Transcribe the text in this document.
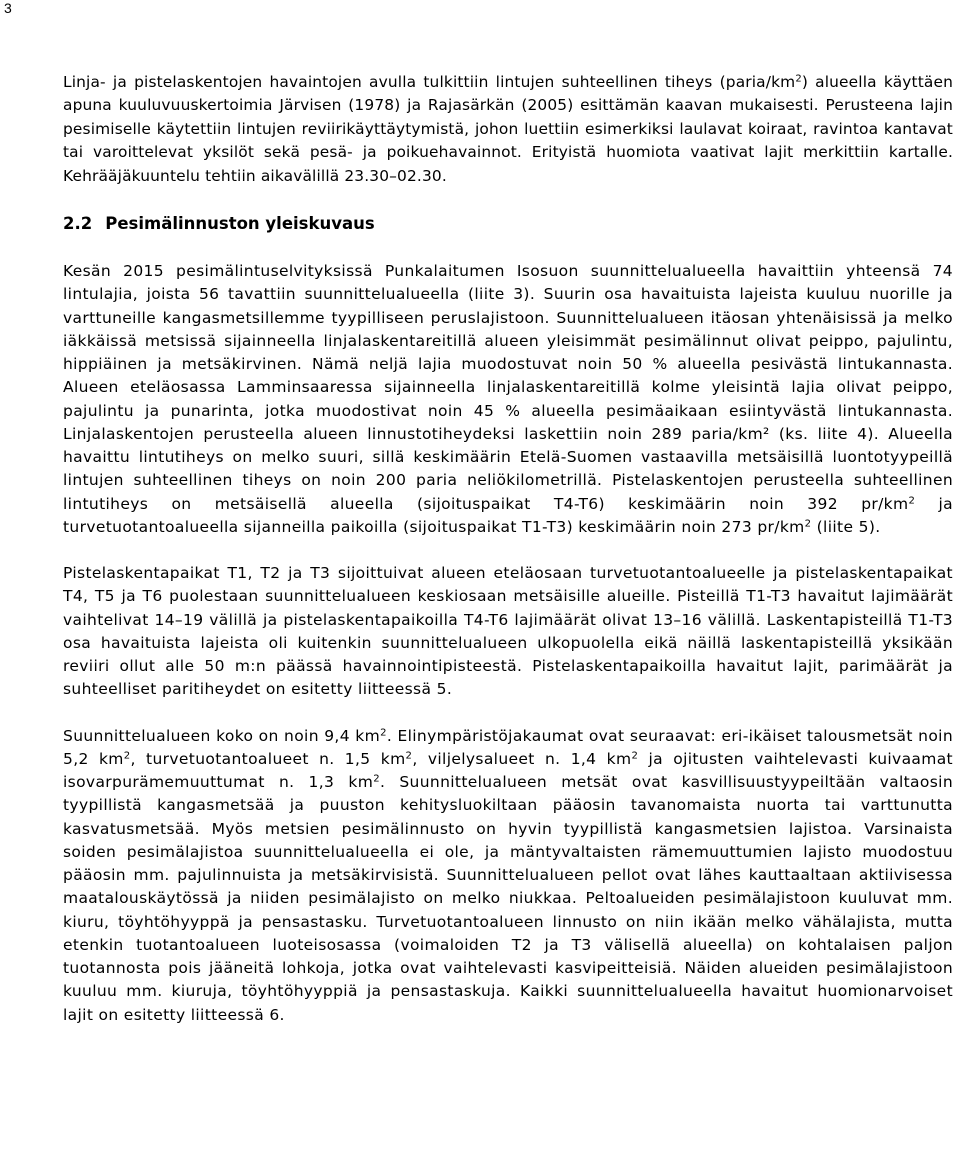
3

Linja- ja pistelaskentojen havaintojen avulla tulkittiin lintujen suhteellinen tiheys $(paria/km^2)$ alueella käyttäen apuna kuuluvuuskertoimia Järvisen (1978) ja Rajasärkän (2005) esittämän kaavan mukaisesti. Perusteena lajin pesimiselle käytettiin lintujen reviirikäyttäytymistä, johon luettiin esimerkiksi laulavat koiraat, ravintoa kantavat tai varoittelevat yksilöt sekä pesä- ja poikuehavainnot. Erityistä huomiota vaativat lajit merkittiin kartalle. Kehrääjäkuuntelu tehtiin aikavälillä 23.30–02.30.

2.2 Pesimälinnuston yleiskuvaus

Kesän 2015 pesimälintuselvityksissä Punkalaitumen Isosuon suunnittelualueella havaittiin yhteensä 74 lintulajia, joista 56 tavattiin suunnittelualueella (liite 3). Suurin osa havaituista lajeista kuuluu nuorille ja varttuneille kangasmetsillemme tyypilliseen peruslajistoon. Suunnittelualueen itäosan yhtenäisissä ja melko iäkkäissä metsissä sijainneella linjalaskentareitillä alueen yleisimmät pesimälinnut olivat peippo, pajulintu, hippiäinen ja metsäkirvinen. Nämä neljä lajia muodostuvat noin 50 % alueella pesivästä lintukannasta. Alueen eteläosassa Lamminsaaressa sijainneella linjalaskentareitillä kolme yleisintä lajia olivat peippo, pajulintu ja punarinta, jotka muodostivat noin 45 % alueella pesimäaikaan esiintyvästä lintukannasta. Linjalaskentojen perusteella alueen linnustotiheydeksi laskettiin noin 289 paria/km² (ks. liite 4). Alueella havaittu lintutiheys on melko suuri, sillä keskimäärin Etelä-Suomen vastaavilla metsäisillä luontotyypeillä lintujen suhteellinen tiheys on noin 200 paria neliökilometrillä. Pistelaskentojen perusteella suhteellinen lintutiheys on metsäisellä alueella (sijoituspaikat T4-T6) keskimäärin noin 392 $pr/km^2$ ja turvetuotantoalueella sijanneilla paikoilla (sijoituspaikat T1-T3) keskimäärin noin 273 $pr/km^2$ (liite 5).

Pistelaskentapaikat T1, T2 ja T3 sijoittuivat alueen eteläosaan turvetuotantoalueelle ja pistelaskentapaikat T4, T5 ja T6 puolestaan suunnittelualueen keskiosaan metsäisille alueille. Pisteillä T1-T3 havaitut lajimäärät vaihtelivat 14–19 välillä ja pistelaskentapaikoilla T4-T6 lajimäärät olivat 13–16 välillä. Laskentapisteillä T1-T3 osa havaituista lajeista oli kuitenkin suunnittelualueen ulkopuolella eikä näillä laskentapisteillä yksikään reviiri ollut alle 50 m:n päässä havainnointipisteestä. Pistelaskentapaikoilla havaitut lajit, parimäärät ja suhteelliset paritiheydet on esitetty liitteessä 5.

Suunnittelualueen koko on noin 9,4 $km^2$. Elinympäristöjakaumat ovat seuraavat: eri-ikäiset talousmetsät noin 5,2 $km^2$, turvetuotantoalueet n. 1,5 $km^2$, viljelysalueet n. 1,4 $km^2$ ja ojitusten vaihtelevasti kuivaamat isovarpurämemuuttumat n. 1,3 $km^2$. Suunnittelualueen metsät ovat kasvillisuustyypeiltään valtaosin tyypillistä kangasmetsää ja puuston kehitysluokiltaan pääosin tavanomaista nuorta tai varttunutta kasvatusmetsää. Myös metsien pesimälinnusto on hyvin tyypillistä kangasmetsien lajistoa. Varsinaista soiden pesimälajistoa suunnittelualueella ei ole, ja mäntyvaltaisten rämemuuttumien lajisto muodostuu pääosin mm. pajulinnuista ja metsäkirvisistä. Suunnittelualueen pellot ovat lähes kauttaaltaan aktiivisessa maatalouskäytössä ja niiden pesimälajisto on melko niukkaa. Peltoalueiden pesimälajistoon kuuluvat mm. kiuru, töyhtöhyyppä ja pensastasku. Turvetuotantoalueen linnusto on niin ikään melko vähälajista, mutta etenkin tuotantoalueen luoteisosassa (voimaloiden T2 ja T3 välisellä alueella) on kohtalaisen paljon tuotannosta pois jääneitä lohkoja, jotka ovat vaihtelevasti kasvipeitteisiä. Näiden alueiden pesimälajistoon kuuluu mm. kiuruja, töyhtöhyyppiä ja pensastaskuja. Kaikki suunnittelualueella havaitut huomionarvoiset lajit on esitetty liitteessä 6.
